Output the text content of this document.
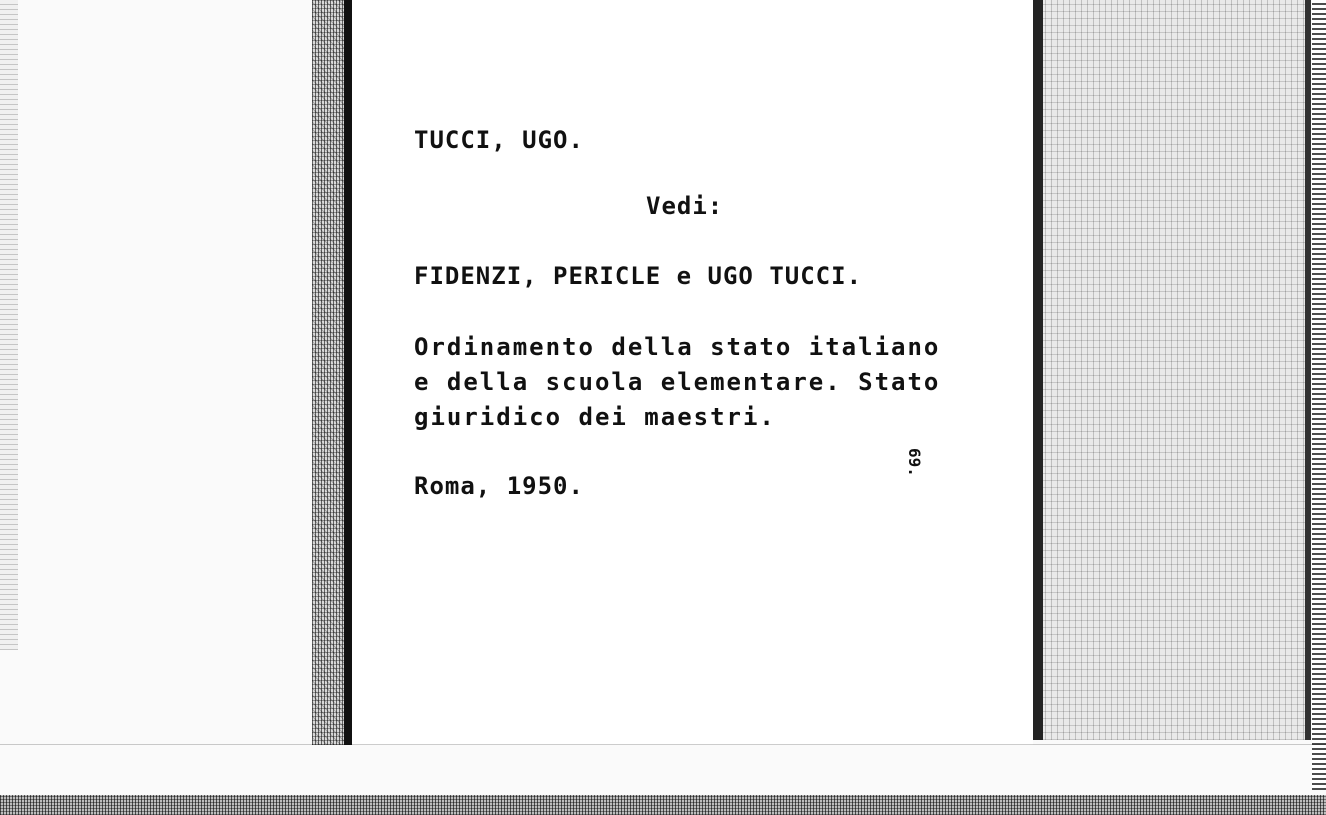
TUCCI, UGO.
Vedi:
FIDENZI, PERICLE e UGO TUCCI.
Ordinamento della stato italiano
e della scuola elementare. Stato
giuridico dei maestri.
Roma, 1950.
69.
